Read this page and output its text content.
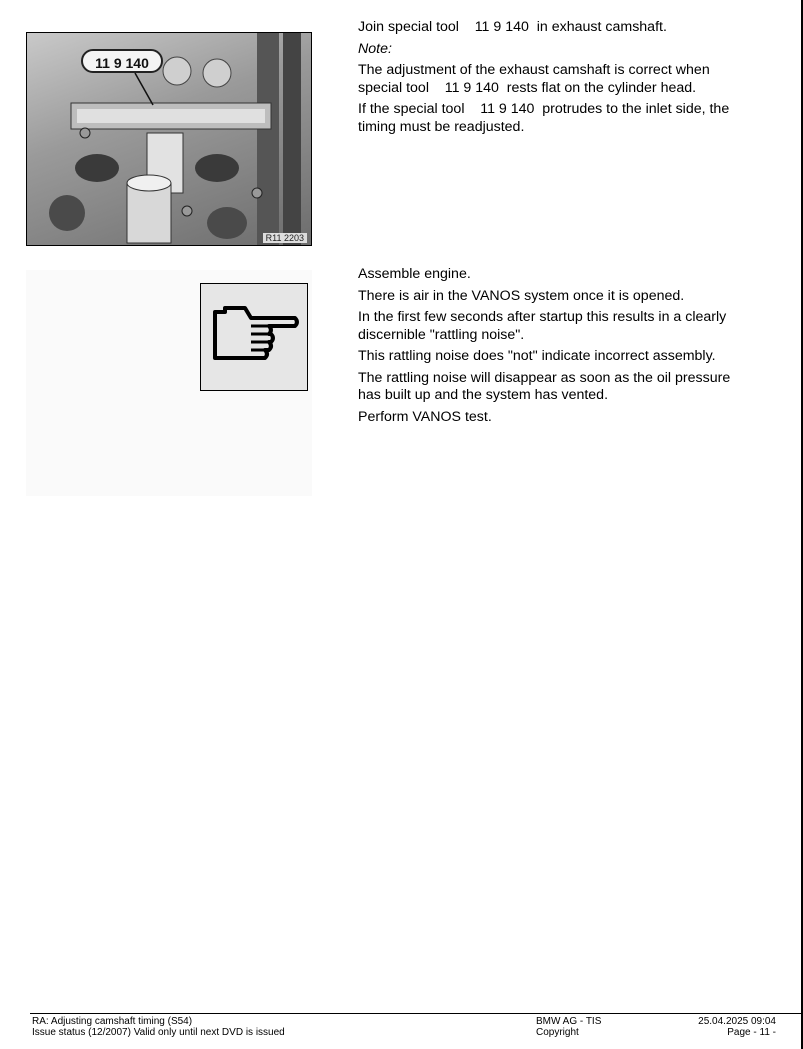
11 9 140
R11 2203

Join special tool    11 9 140  in exhaust camshaft.

Note:

The adjustment of the exhaust camshaft is correct when special tool    11 9 140  rests flat on the cylinder head.

If the special tool    11 9 140  protrudes to the inlet side, the timing must be readjusted.

Assemble engine.

There is air in the VANOS system once it is opened.

In the first few seconds after startup this results in a clearly discernible "rattling noise".

This rattling noise does "not" indicate incorrect assembly.

The rattling noise will disappear as soon as the oil pressure has built up and the system has vented.

Perform VANOS test.

RA: Adjusting camshaft timing (S54)
Issue status (12/2007) Valid only until next DVD is issued
BMW AG - TIS
Copyright
25.04.2025 09:04
Page - 11 -
